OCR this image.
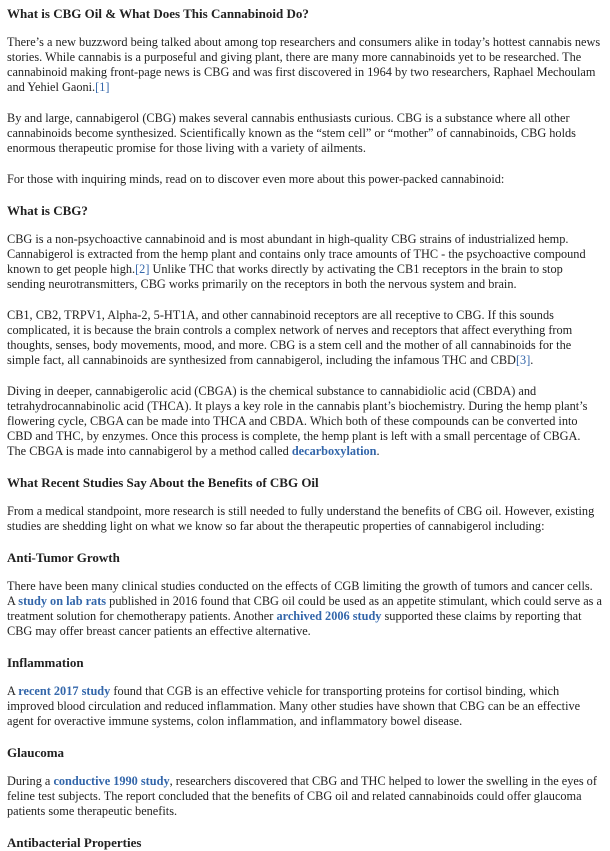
What is CBG Oil & What Does This Cannabinoid Do?

There’s a new buzzword being talked about among top researchers and consumers alike in today’s hottest cannabis news stories. While cannabis is a purposeful and giving plant, there are many more cannabinoids yet to be researched. The cannabinoid making front-page news is CBG and was first discovered in 1964 by two researchers, Raphael Mechoulam and Yehiel Gaoni.[1]

By and large, cannabigerol (CBG) makes several cannabis enthusiasts curious. CBG is a substance where all other cannabinoids become synthesized. Scientifically known as the “stem cell” or “mother” of cannabinoids, CBG holds enormous therapeutic promise for those living with a variety of ailments.

For those with inquiring minds, read on to discover even more about this power-packed cannabinoid:

What is CBG?

CBG is a non-psychoactive cannabinoid and is most abundant in high-quality CBG strains of industrialized hemp. Cannabigerol is extracted from the hemp plant and contains only trace amounts of THC - the psychoactive compound known to get people high.[2] Unlike THC that works directly by activating the CB1 receptors in the brain to stop sending neurotransmitters, CBG works primarily on the receptors in both the nervous system and brain.

CB1, CB2, TRPV1, Alpha-2, 5-HT1A, and other cannabinoid receptors are all receptive to CBG. If this sounds complicated, it is because the brain controls a complex network of nerves and receptors that affect everything from thoughts, senses, body movements, mood, and more. CBG is a stem cell and the mother of all cannabinoids for the simple fact, all cannabinoids are synthesized from cannabigerol, including the infamous THC and CBD[3].

Diving in deeper, cannabigerolic acid (CBGA) is the chemical substance to cannabidiolic acid (CBDA) and tetrahydrocannabinolic acid (THCA). It plays a key role in the cannabis plant’s biochemistry. During the hemp plant’s flowering cycle, CBGA can be made into THCA and CBDA. Which both of these compounds can be converted into CBD and THC, by enzymes. Once this process is complete, the hemp plant is left with a small percentage of CBGA. The CBGA is made into cannabigerol by a method called decarboxylation.

What Recent Studies Say About the Benefits of CBG Oil

From a medical standpoint, more research is still needed to fully understand the benefits of CBG oil. However, existing studies are shedding light on what we know so far about the therapeutic properties of cannabigerol including:

Anti-Tumor Growth

There have been many clinical studies conducted on the effects of CGB limiting the growth of tumors and cancer cells. A study on lab rats published in 2016 found that CBG oil could be used as an appetite stimulant, which could serve as a treatment solution for chemotherapy patients. Another archived 2006 study supported these claims by reporting that CBG may offer breast cancer patients an effective alternative.

Inflammation

A recent 2017 study found that CGB is an effective vehicle for transporting proteins for cortisol binding, which improved blood circulation and reduced inflammation. Many other studies have shown that CBG can be an effective agent for overactive immune systems, colon inflammation, and inflammatory bowel disease.

Glaucoma

During a conductive 1990 study, researchers discovered that CBG and THC helped to lower the swelling in the eyes of feline test subjects. The report concluded that the benefits of CBG oil and related cannabinoids could offer glaucoma patients some therapeutic benefits.

Antibacterial Properties
